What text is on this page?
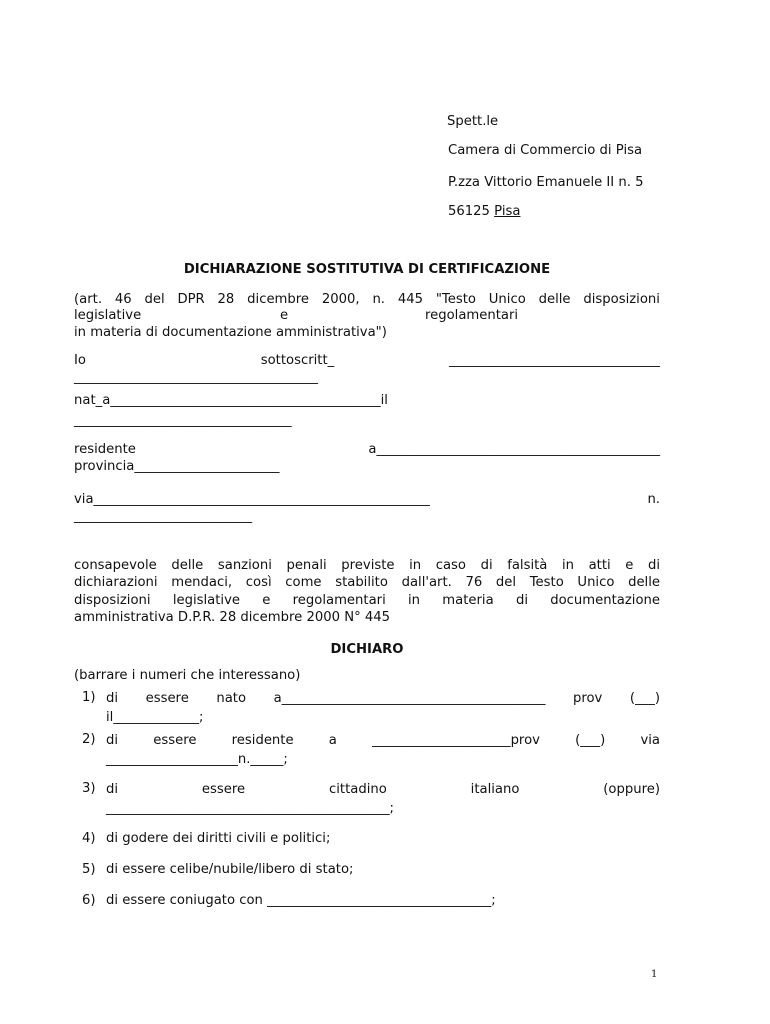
Spett.le
Camera di Commercio di Pisa
P.zza Vittorio Emanuele II n. 5
56125 Pisa
DICHIARAZIONE SOSTITUTIVA DI CERTIFICAZIONE
(art. 46 del DPR 28 dicembre 2000, n. 445 "Testo Unico delle disposizioni
legislative	e	regolamentari
in materia di documentazione amministrativa")
Io	sottoscritt_	________________________________
_____________________________________
nat_a_________________________________________il
_________________________________
residente	a___________________________________________
provincia______________________
via___________________________________________________	n.
___________________________
consapevole delle sanzioni penali previste in caso di falsità in atti e di
dichiarazioni mendaci, così come stabilito dall'art. 76 del Testo Unico delle
disposizioni legislative e regolamentari in materia di documentazione
amministrativa D.P.R. 28 dicembre 2000 N° 445
DICHIARO
(barrare i numeri che interessano)
1) di essere nato a________________________________________ prov (___)
il_____________;
2) di	essere	residente	a	_____________________prov	(___)	via
____________________n._____;
3) di	essere	cittadino	italiano	(oppure)
___________________________________________;
4) di godere dei diritti civili e politici;
5) di essere celibe/nubile/libero di stato;
6) di essere coniugato con __________________________________;
1
